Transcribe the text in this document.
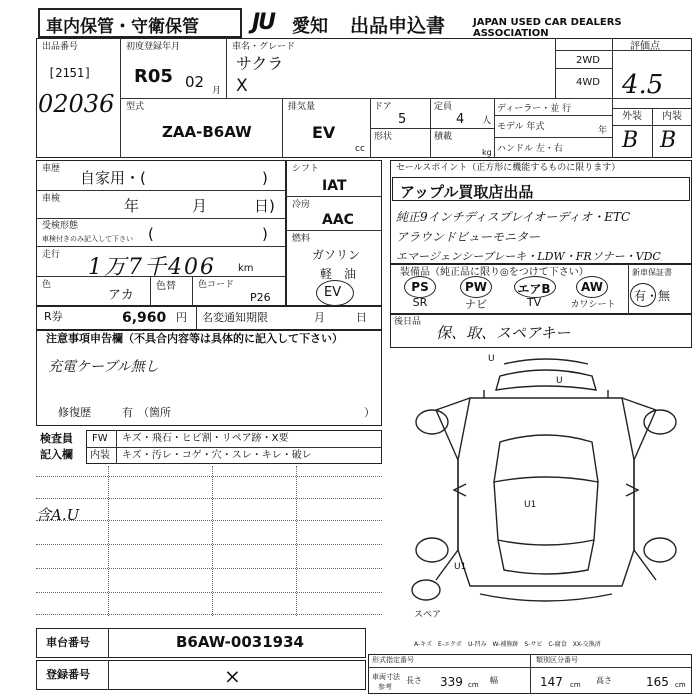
車内保管・守衛保管 JU 愛知 出品申込書	JAPAN USED CAR DEALERS ASSOCIATION
出品番号
[2151]
02036
初度登録年月
R05 02 月
車名・グレード
サクラ
X
2WD
4WD
評価点
4.5
型式
ZAA-B6AW
排気量
EV
cc
ドア
5
定員
4 人
形状	積載
kg
ディーラー・並 行
モデル 年式	年
ハンドル 左・右
外装 内装
B B
車歴 自家用・(	)
車検	年	月	日)
受検形態
車検付きのみ記入して下さい (	)
走行 1万7千406 km
色
アカ
色替 色コード
P26
シフト
IAT
冷房
AAC
燃料
ガソリン
軽　油
EV
R券	6,960 円 名変通知期限	月	日
セールスポイント（正方形に機能するものに限ります）
アップル買取店出品
純正9インチディスプレイオーディオ・ETC
アラウンドビューモニター
エマージェンシーブレーキ・LDW・FRソナー・VDC
装備品（純正品に限り◎をつけて下さい）	新車保証書
有・無
PS	PW	エアB	AW
SR	ナビ	TV	カワシート
後日品
保、取、スペアキー
注意事項申告欄（不具合内容等は具体的に記入して下さい）
充電ケーブル無し
修復歴	有 （箇所	）
検査員
記入欄
FW キズ・飛石・ヒビ割・リペア跡・X要
内装 キズ・汚レ・コゲ・穴・スレ・キレ・破レ
含A.U
U
U
U1
U1
スペア
A-キズ　E-エクボ　U-凹み　W-補修跡　S-サビ　C-腐食　XX-交換済
車台番号	B6AW-0031934
登録番号	×
形式指定番号	類別区分番号
車両寸法
参考
長さ 339 cm 幅	147 cm 高さ	165 cm
